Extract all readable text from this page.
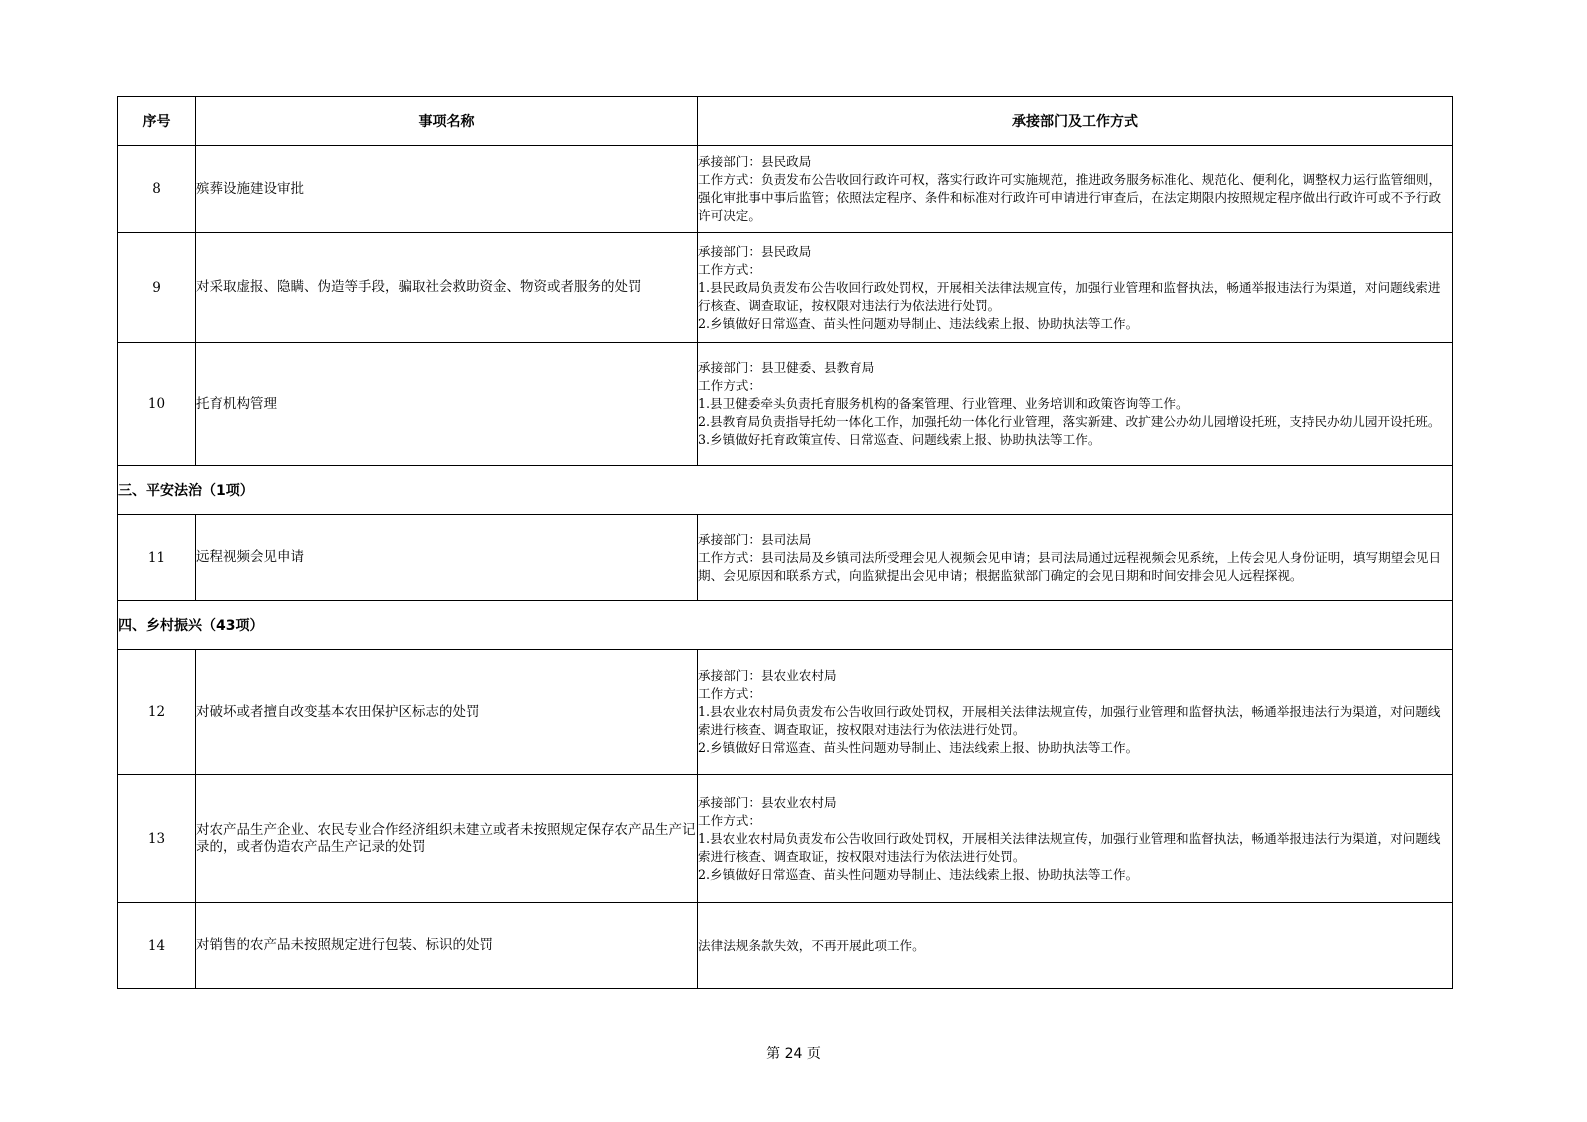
序号	事项名称	承接部门及工作方式
8	殡葬设施建设审批	承接部门：县民政局
工作方式：负责发布公告收回行政许可权，落实行政许可实施规范，推进政务服务标准化、规范化、便利化，调整权力运行监管细则，强化审批事中事后监管；依照法定程序、条件和标准对行政许可申请进行审查后，在法定期限内按照规定程序做出行政许可或不予行政许可决定。

9	对采取虚报、隐瞒、伪造等手段，骗取社会救助资金、物资或者服务的处罚	承接部门：县民政局
工作方式：
1.县民政局负责发布公告收回行政处罚权，开展相关法律法规宣传，加强行业管理和监督执法，畅通举报违法行为渠道，对问题线索进行核查、调查取证，按权限对违法行为依法进行处罚。
2.乡镇做好日常巡查、苗头性问题劝导制止、违法线索上报、协助执法等工作。

10	托育机构管理	承接部门：县卫健委、县教育局
工作方式：
1.县卫健委牵头负责托育服务机构的备案管理、行业管理、业务培训和政策咨询等工作。
2.县教育局负责指导托幼一体化工作，加强托幼一体化行业管理，落实新建、改扩建公办幼儿园增设托班，支持民办幼儿园开设托班。
3.乡镇做好托育政策宣传、日常巡查、问题线索上报、协助执法等工作。

三、平安法治（1项）		
11	远程视频会见申请	承接部门：县司法局
工作方式：县司法局及乡镇司法所受理会见人视频会见申请；县司法局通过远程视频会见系统，上传会见人身份证明，填写期望会见日期、会见原因和联系方式，向监狱提出会见申请；根据监狱部门确定的会见日期和时间安排会见人远程探视。

四、乡村振兴（43项）		
12	对破坏或者擅自改变基本农田保护区标志的处罚	承接部门：县农业农村局
工作方式：
1.县农业农村局负责发布公告收回行政处罚权，开展相关法律法规宣传，加强行业管理和监督执法，畅通举报违法行为渠道，对问题线索进行核查、调查取证，按权限对违法行为依法进行处罚。
2.乡镇做好日常巡查、苗头性问题劝导制止、违法线索上报、协助执法等工作。

13	对农产品生产企业、农民专业合作经济组织未建立或者未按照规定保存农产品生产记录的，或者伪造农产品生产记录的处罚	承接部门：县农业农村局
工作方式：
1.县农业农村局负责发布公告收回行政处罚权，开展相关法律法规宣传，加强行业管理和监督执法，畅通举报违法行为渠道，对问题线索进行核查、调查取证，按权限对违法行为依法进行处罚。
2.乡镇做好日常巡查、苗头性问题劝导制止、违法线索上报、协助执法等工作。

14	对销售的农产品未按照规定进行包装、标识的处罚	法律法规条款失效，不再开展此项工作。
第 24 页
